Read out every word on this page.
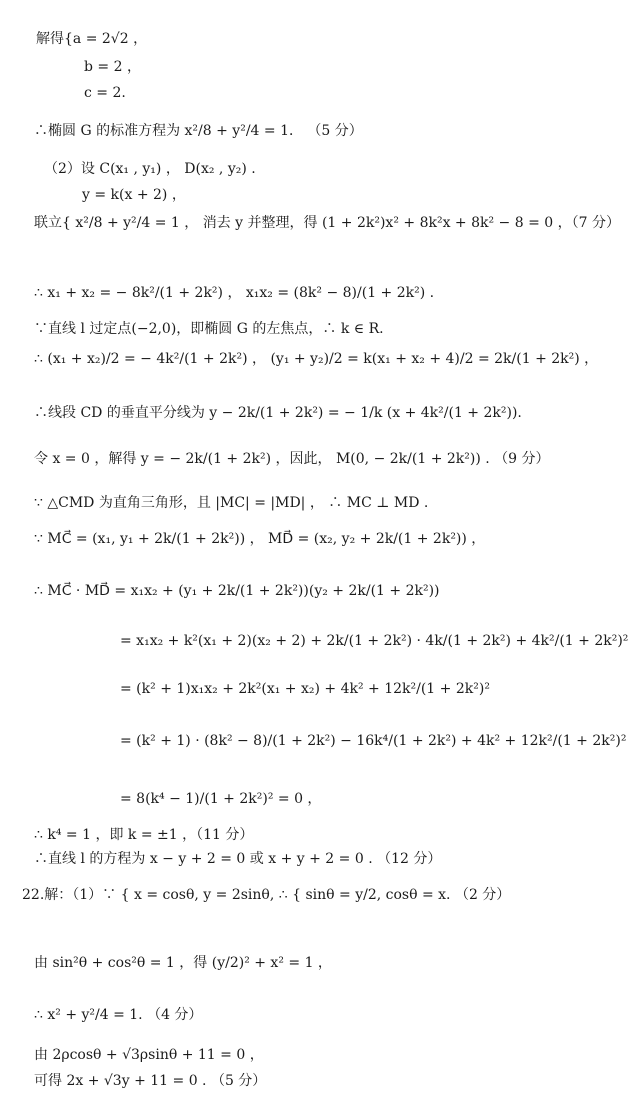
解得{a = 2√2 ，
b = 2 ，
c = 2.
∴椭圆 G 的标准方程为 x²/8 + y²/4 = 1． （5 分）
（2）设 C(x₁ , y₁) ， D(x₂ , y₂) .
y = k(x + 2) ，
联立{ x²/8 + y²/4 = 1 ， 消去 y 并整理，得 (1 + 2k²)x² + 8k²x + 8k² − 8 = 0 ，（7 分）
∴ x₁ + x₂ = − 8k²/(1 + 2k²) ， x₁x₂ = (8k² − 8)/(1 + 2k²) .
∵直线 l 过定点(−2,0)，即椭圆 G 的左焦点，∴ k ∈ R.
∴ (x₁ + x₂)/2 = − 4k²/(1 + 2k²) ， (y₁ + y₂)/2 = k(x₁ + x₂ + 4)/2 = 2k/(1 + 2k²) ，
∴线段 CD 的垂直平分线为 y − 2k/(1 + 2k²) = − 1/k (x + 4k²/(1 + 2k²)).
令 x = 0 ，解得 y = − 2k/(1 + 2k²) ，因此， M(0, − 2k/(1 + 2k²)) . （9 分）
∵ △CMD 为直角三角形，且 |MC| = |MD| ， ∴ MC ⊥ MD .
∵ MC⃗ = (x₁, y₁ + 2k/(1 + 2k²)) ， MD⃗ = (x₂, y₂ + 2k/(1 + 2k²)) ，
∴ MC⃗ · MD⃗ = x₁x₂ + (y₁ + 2k/(1 + 2k²))(y₂ + 2k/(1 + 2k²))
= x₁x₂ + k²(x₁ + 2)(x₂ + 2) + 2k/(1 + 2k²) · 4k/(1 + 2k²) + 4k²/(1 + 2k²)²
= (k² + 1)x₁x₂ + 2k²(x₁ + x₂) + 4k² + 12k²/(1 + 2k²)²
= (k² + 1) · (8k² − 8)/(1 + 2k²) − 16k⁴/(1 + 2k²) + 4k² + 12k²/(1 + 2k²)²
= 8(k⁴ − 1)/(1 + 2k²)² = 0 ，
∴ k⁴ = 1 ，即 k = ±1 ，（11 分）
∴直线 l 的方程为 x − y + 2 = 0 或 x + y + 2 = 0 . （12 分）
22.解：（1）∵ { x = cosθ, y = 2sinθ, ∴ { sinθ = y/2, cosθ = x. （2 分）
由 sin²θ + cos²θ = 1 ，得 (y/2)² + x² = 1 ，
∴ x² + y²/4 = 1. （4 分）
由 2ρcosθ + √3ρsinθ + 11 = 0 ，
可得 2x + √3y + 11 = 0 . （5 分）
